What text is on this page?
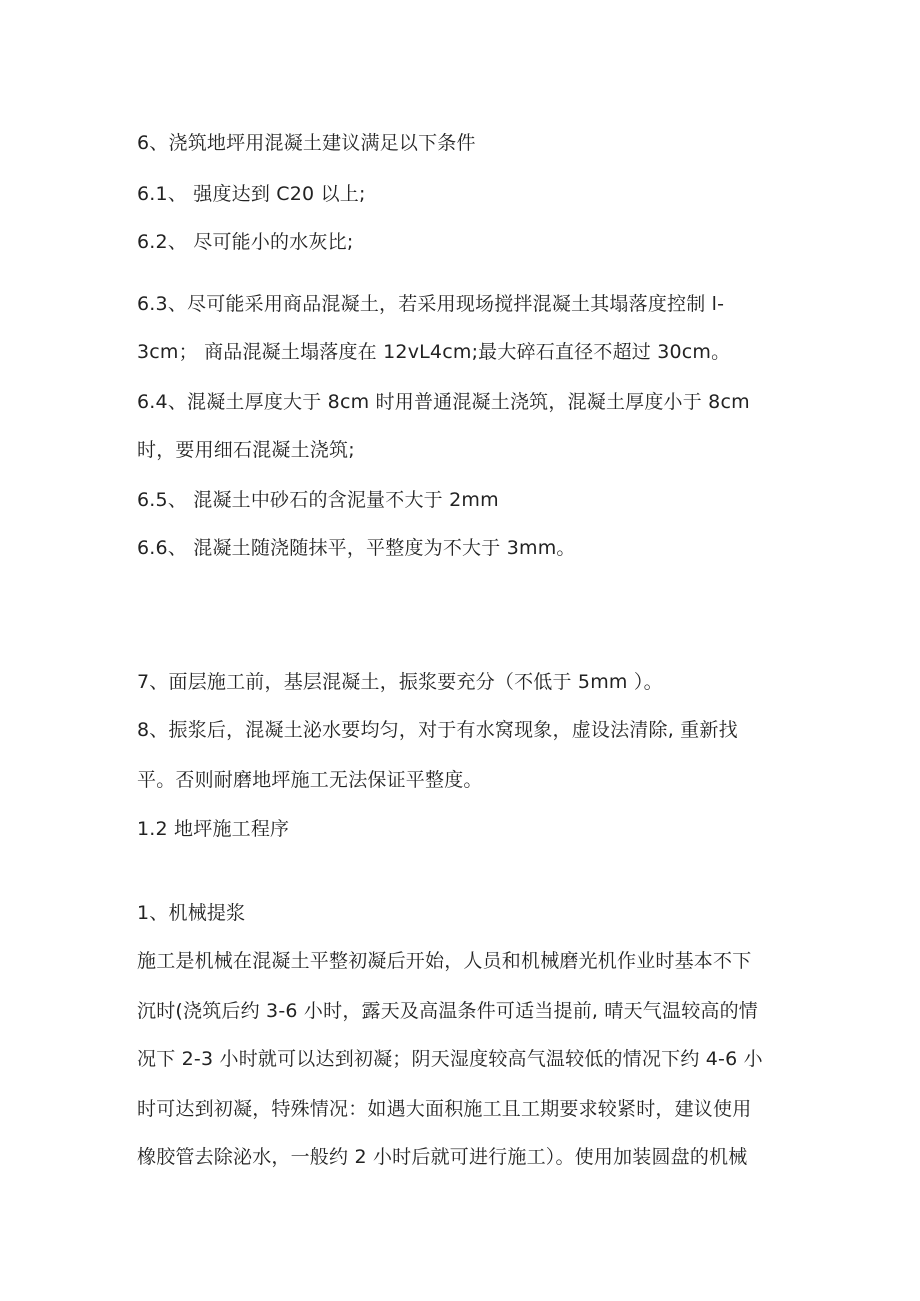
6、浇筑地坪用混凝土建议满足以下条件

6.1、 强度达到 C20 以上;

6.2、 尽可能小的水灰比;

6.3、尽可能采用商品混凝土，若采用现场搅拌混凝土其塌落度控制 l-

3cm； 商品混凝土塌落度在 12ⅴL4cm;最大碎石直径不超过 30cm。

6.4、混凝土厚度大于 8cm 时用普通混凝土浇筑，混凝土厚度小于 8cm

时，要用细石混凝土浇筑;

6.5、 混凝土中砂石的含泥量不大于 2mm

6.6、 混凝土随浇随抹平，平整度为不大于 3mm。

7、面层施工前，基层混凝土，振浆要充分（不低于 5mm ）。

8、振浆后，混凝土泌水要均匀，对于有水窝现象，虚设法清除, 重新找

平。否则耐磨地坪施工无法保证平整度。

1.2 地坪施工程序

1、机械提浆

施工是机械在混凝土平整初凝后开始，人员和机械磨光机作业时基本不下

沉时(浇筑后约 3-6 小时，露天及高温条件可适当提前, 晴天气温较高的情

况下 2-3 小时就可以达到初凝；阴天湿度较高气温较低的情况下约 4-6 小

时可达到初凝，特殊情况：如遇大面积施工且工期要求较紧时，建议使用

橡胶管去除泌水，一般约 2 小时后就可进行施工）。使用加装圆盘的机械
